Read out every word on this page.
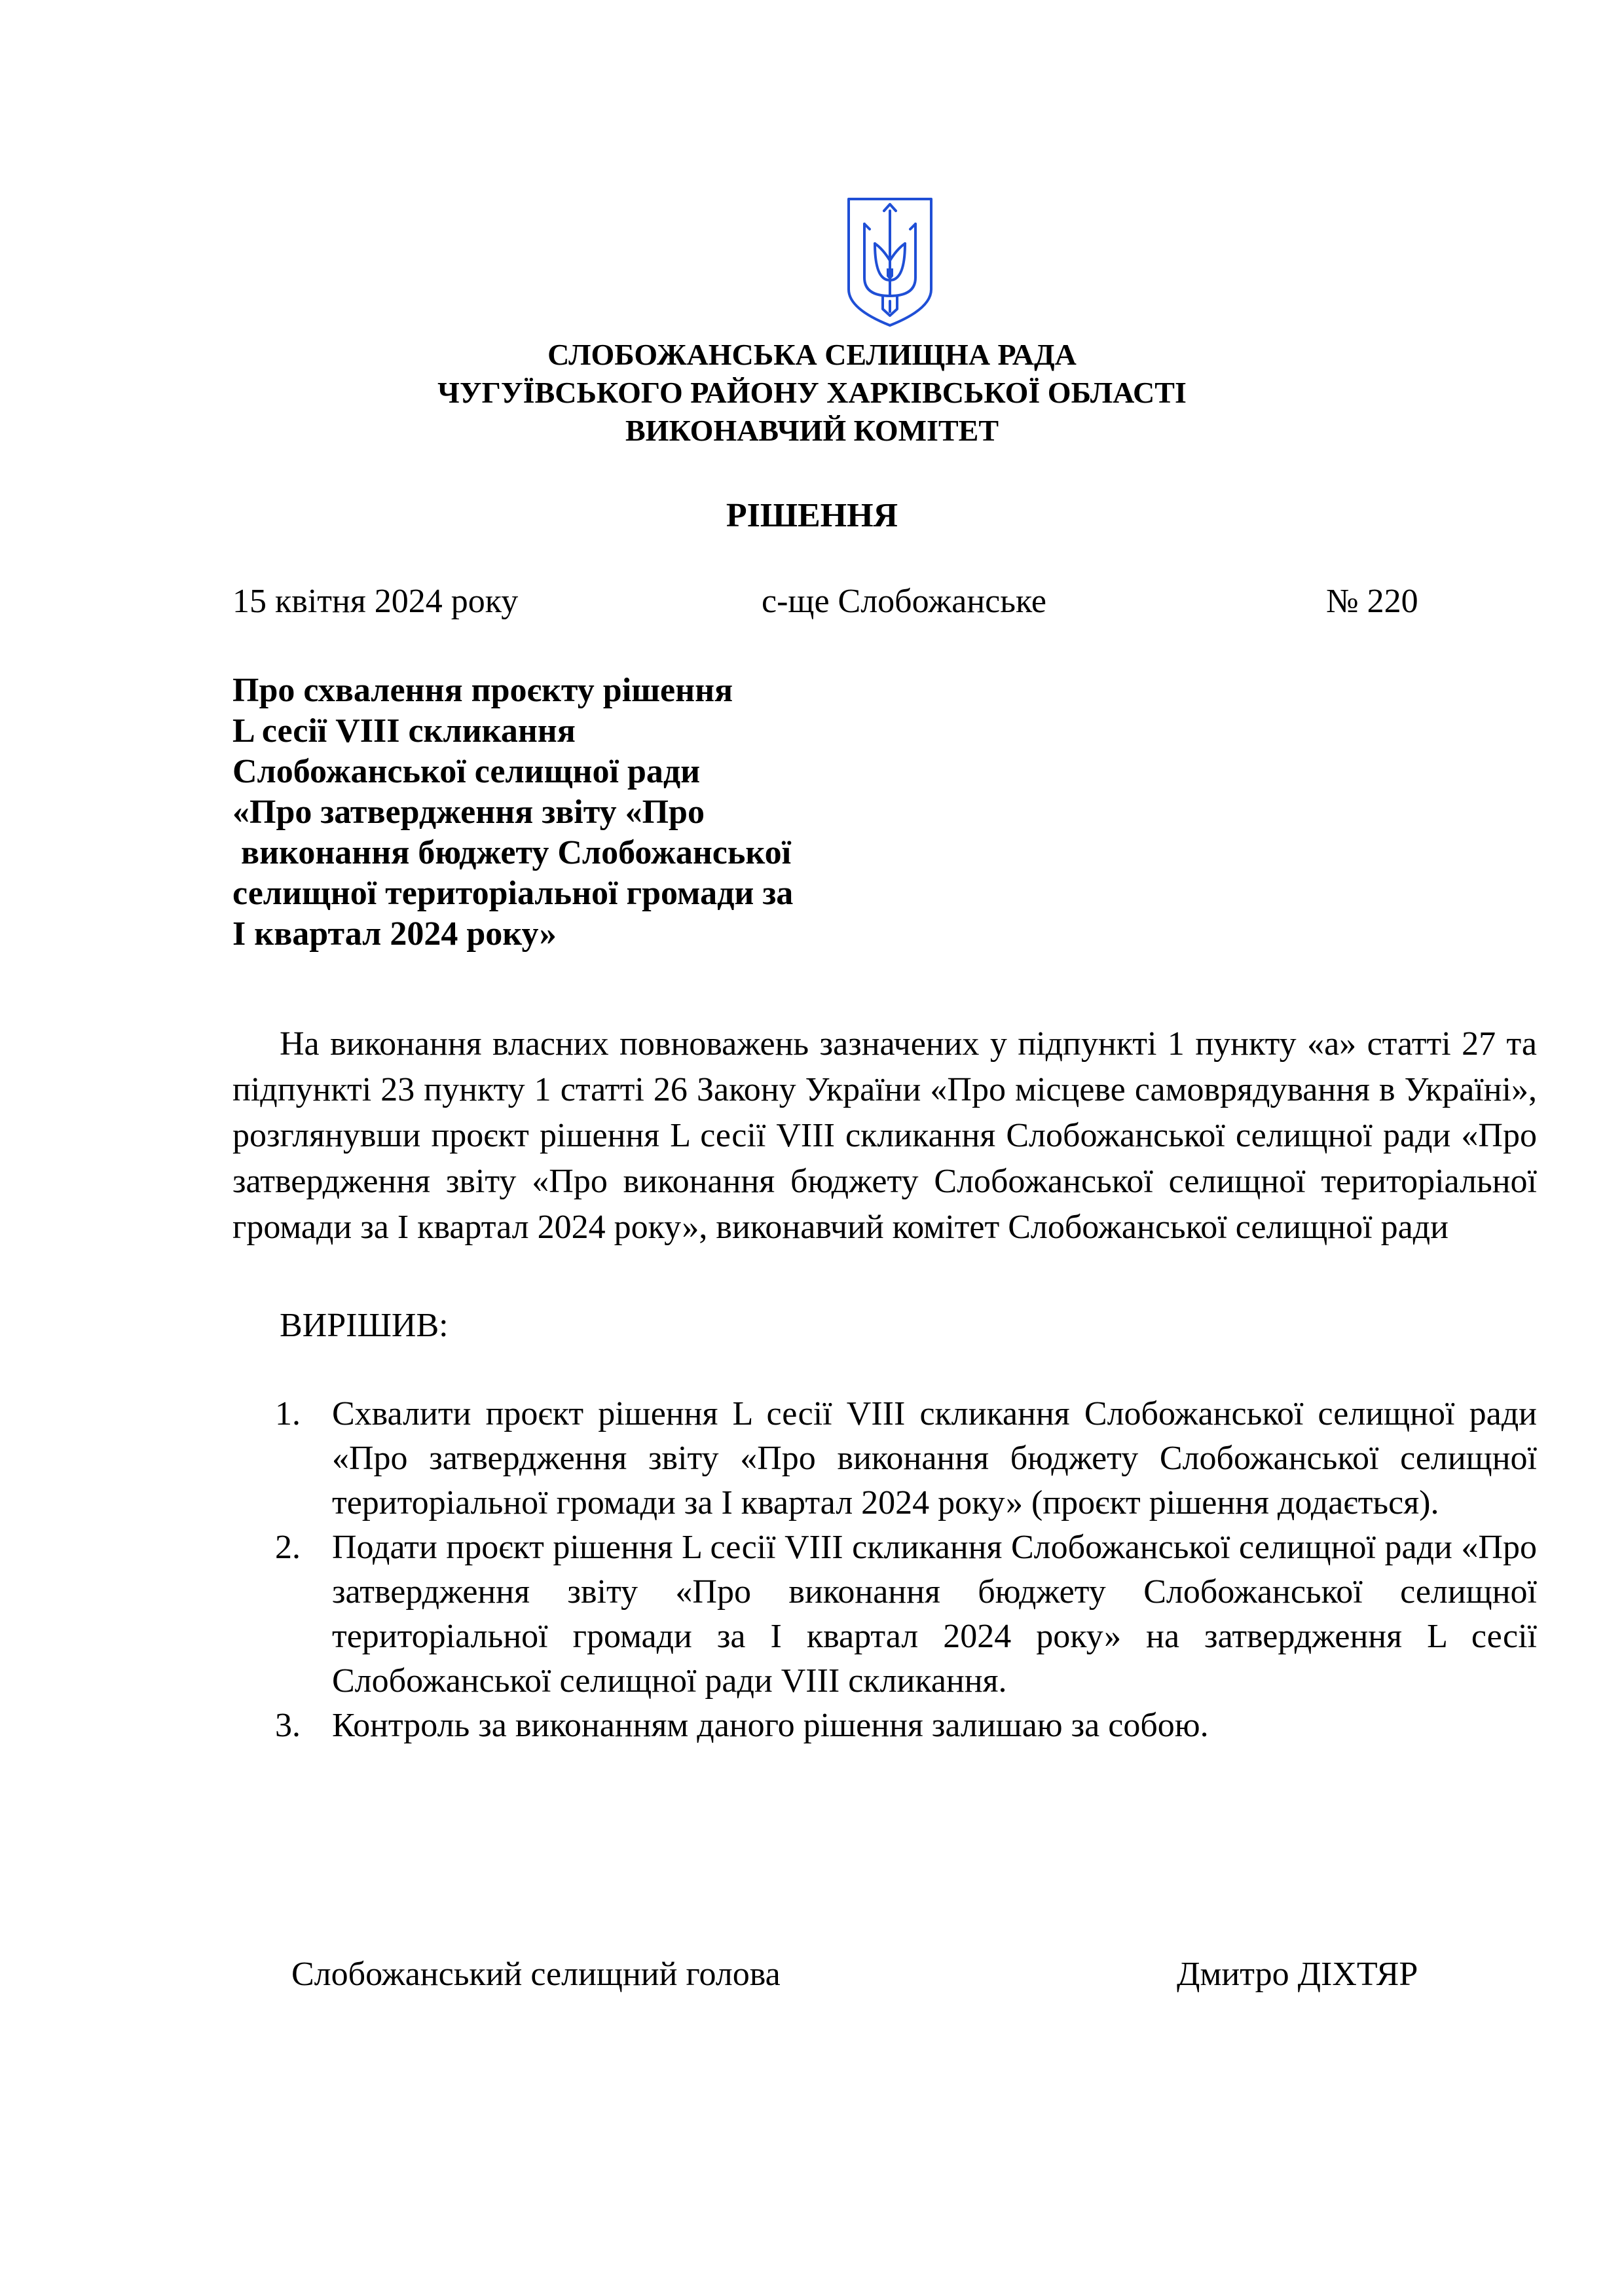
СЛОБОЖАНСЬКА СЕЛИЩНА РАДА
ЧУГУЇВСЬКОГО РАЙОНУ ХАРКІВСЬКОЇ ОБЛАСТІ
ВИКОНАВЧИЙ КОМІТЕТ
РІШЕННЯ
15 квітня 2024 року	с-ще Слобожанське	№ 220
Про схвалення проєкту рішення
L сесії VIII скликання
Слобожанської селищної ради
«Про затвердження звіту «Про
виконання бюджету Слобожанської
селищної територіальної громади за
І квартал 2024 року»
На виконання власних повноважень зазначених у підпункті 1 пункту «а» статті 27 та підпункті 23 пункту 1 статті 26 Закону України «Про місцеве самоврядування в Україні», розглянувши проєкт рішення L сесії VIII скликання Слобожанської селищної ради «Про затвердження звіту «Про виконання бюджету Слобожанської селищної територіальної громади за І квартал 2024 року», виконавчий комітет Слобожанської селищної ради
ВИРІШИВ:
1. Схвалити проєкт рішення L сесії VIII скликання Слобожанської селищної ради «Про затвердження звіту «Про виконання бюджету Слобожанської селищної територіальної громади за І квартал 2024 року» (проєкт рішення додається).
2. Подати проєкт рішення L сесії VIII скликання Слобожанської селищної ради «Про затвердження звіту «Про виконання бюджету Слобожанської селищної територіальної громади за І квартал 2024 року» на затвердження L сесії Слобожанської селищної ради VIII скликання.
3. Контроль за виконанням даного рішення залишаю за собою.
Слобожанський селищний голова	Дмитро ДІХТЯР
